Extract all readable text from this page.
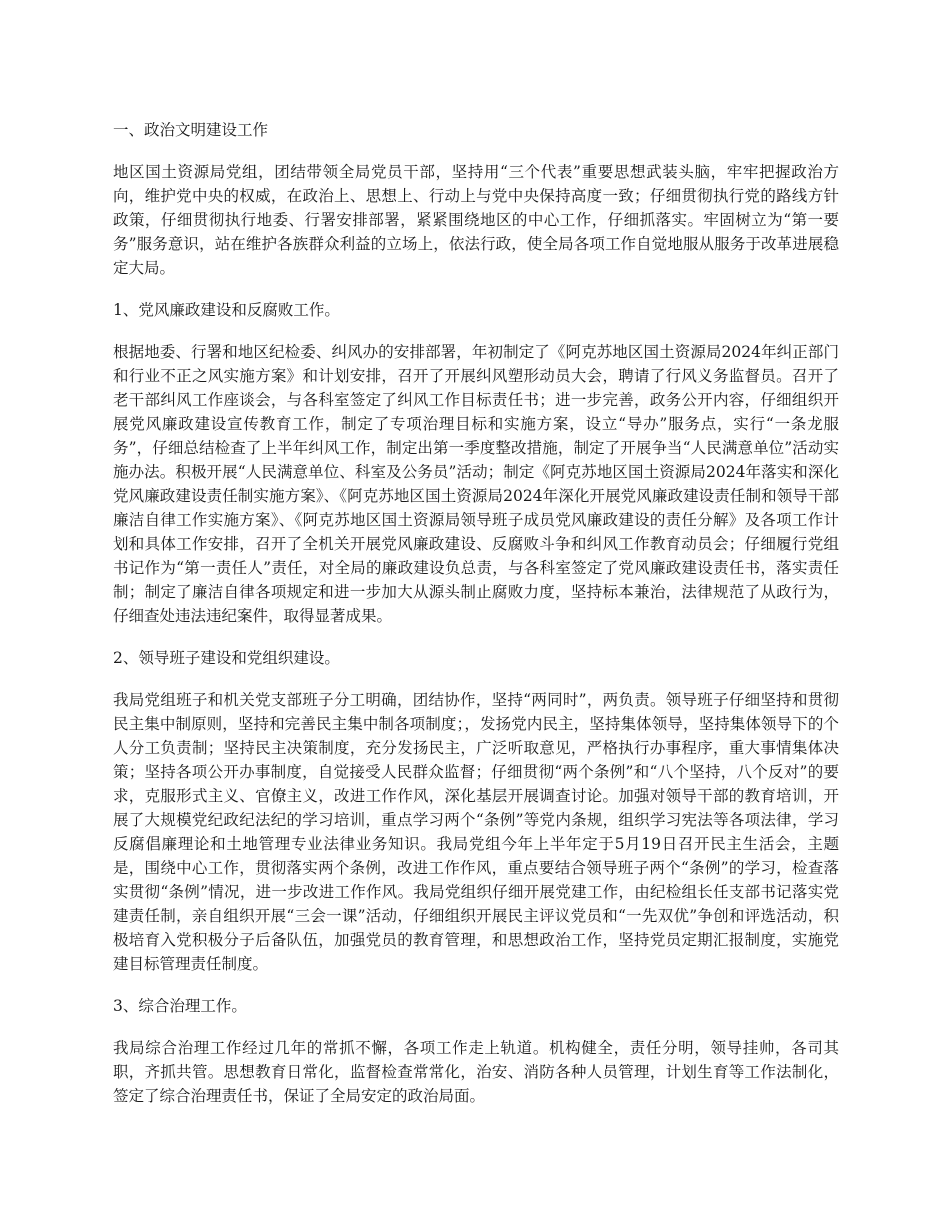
一、政治文明建设工作
地区国土资源局党组，团结带领全局党员干部，坚持用“三个代表”重要思想武装头脑，牢牢把握政治方向，维护党中央的权威，在政治上、思想上、行动上与党中央保持高度一致；仔细贯彻执行党的路线方针政策，仔细贯彻执行地委、行署安排部署，紧紧围绕地区的中心工作，仔细抓落实。牢固树立为“第一要务”服务意识，站在维护各族群众利益的立场上，依法行政，使全局各项工作自觉地服从服务于改革进展稳定大局。
1、党风廉政建设和反腐败工作。
根据地委、行署和地区纪检委、纠风办的安排部署，年初制定了《阿克苏地区国土资源局2024年纠正部门和行业不正之风实施方案》和计划安排，召开了开展纠风塑形动员大会，聘请了行风义务监督员。召开了老干部纠风工作座谈会，与各科室签定了纠风工作目标责任书；进一步完善，政务公开内容，仔细组织开展党风廉政建设宣传教育工作，制定了专项治理目标和实施方案，设立“导办”服务点，实行“一条龙服务”，仔细总结检查了上半年纠风工作，制定出第一季度整改措施，制定了开展争当“人民满意单位”活动实施办法。积极开展“人民满意单位、科室及公务员”活动；制定《阿克苏地区国土资源局2024年落实和深化党风廉政建设责任制实施方案》、《阿克苏地区国土资源局2024年深化开展党风廉政建设责任制和领导干部廉洁自律工作实施方案》、《阿克苏地区国土资源局领导班子成员党风廉政建设的责任分解》及各项工作计划和具体工作安排，召开了全机关开展党风廉政建设、反腐败斗争和纠风工作教育动员会；仔细履行党组书记作为“第一责任人”责任，对全局的廉政建设负总责，与各科室签定了党风廉政建设责任书，落实责任制；制定了廉洁自律各项规定和进一步加大从源头制止腐败力度，坚持标本兼治，法律规范了从政行为，仔细查处违法违纪案件，取得显著成果。
2、领导班子建设和党组织建设。
我局党组班子和机关党支部班子分工明确，团结协作，坚持“两同时”，两负责。领导班子仔细坚持和贯彻民主集中制原则，坚持和完善民主集中制各项制度；，发扬党内民主，坚持集体领导，坚持集体领导下的个人分工负责制；坚持民主决策制度，充分发扬民主，广泛听取意见，严格执行办事程序，重大事情集体决策；坚持各项公开办事制度，自觉接受人民群众监督；仔细贯彻“两个条例”和“八个坚持，八个反对”的要求，克服形式主义、官僚主义，改进工作作风，深化基层开展调查讨论。加强对领导干部的教育培训，开展了大规模党纪政纪法纪的学习培训，重点学习两个“条例”等党内条规，组织学习宪法等各项法律，学习反腐倡廉理论和土地管理专业法律业务知识。我局党组今年上半年定于5月19日召开民主生活会，主题是，围绕中心工作，贯彻落实两个条例，改进工作作风，重点要结合领导班子两个“条例”的学习，检查落实贯彻“条例”情况，进一步改进工作作风。我局党组织仔细开展党建工作，由纪检组长任支部书记落实党建责任制，亲自组织开展“三会一课”活动，仔细组织开展民主评议党员和“一先双优”争创和评选活动，积极培育入党积极分子后备队伍，加强党员的教育管理，和思想政治工作，坚持党员定期汇报制度，实施党建目标管理责任制度。
3、综合治理工作。
我局综合治理工作经过几年的常抓不懈，各项工作走上轨道。机构健全，责任分明，领导挂帅，各司其职，齐抓共管。思想教育日常化，监督检查常常化，治安、消防各种人员管理，计划生育等工作法制化，签定了综合治理责任书，保证了全局安定的政治局面。
